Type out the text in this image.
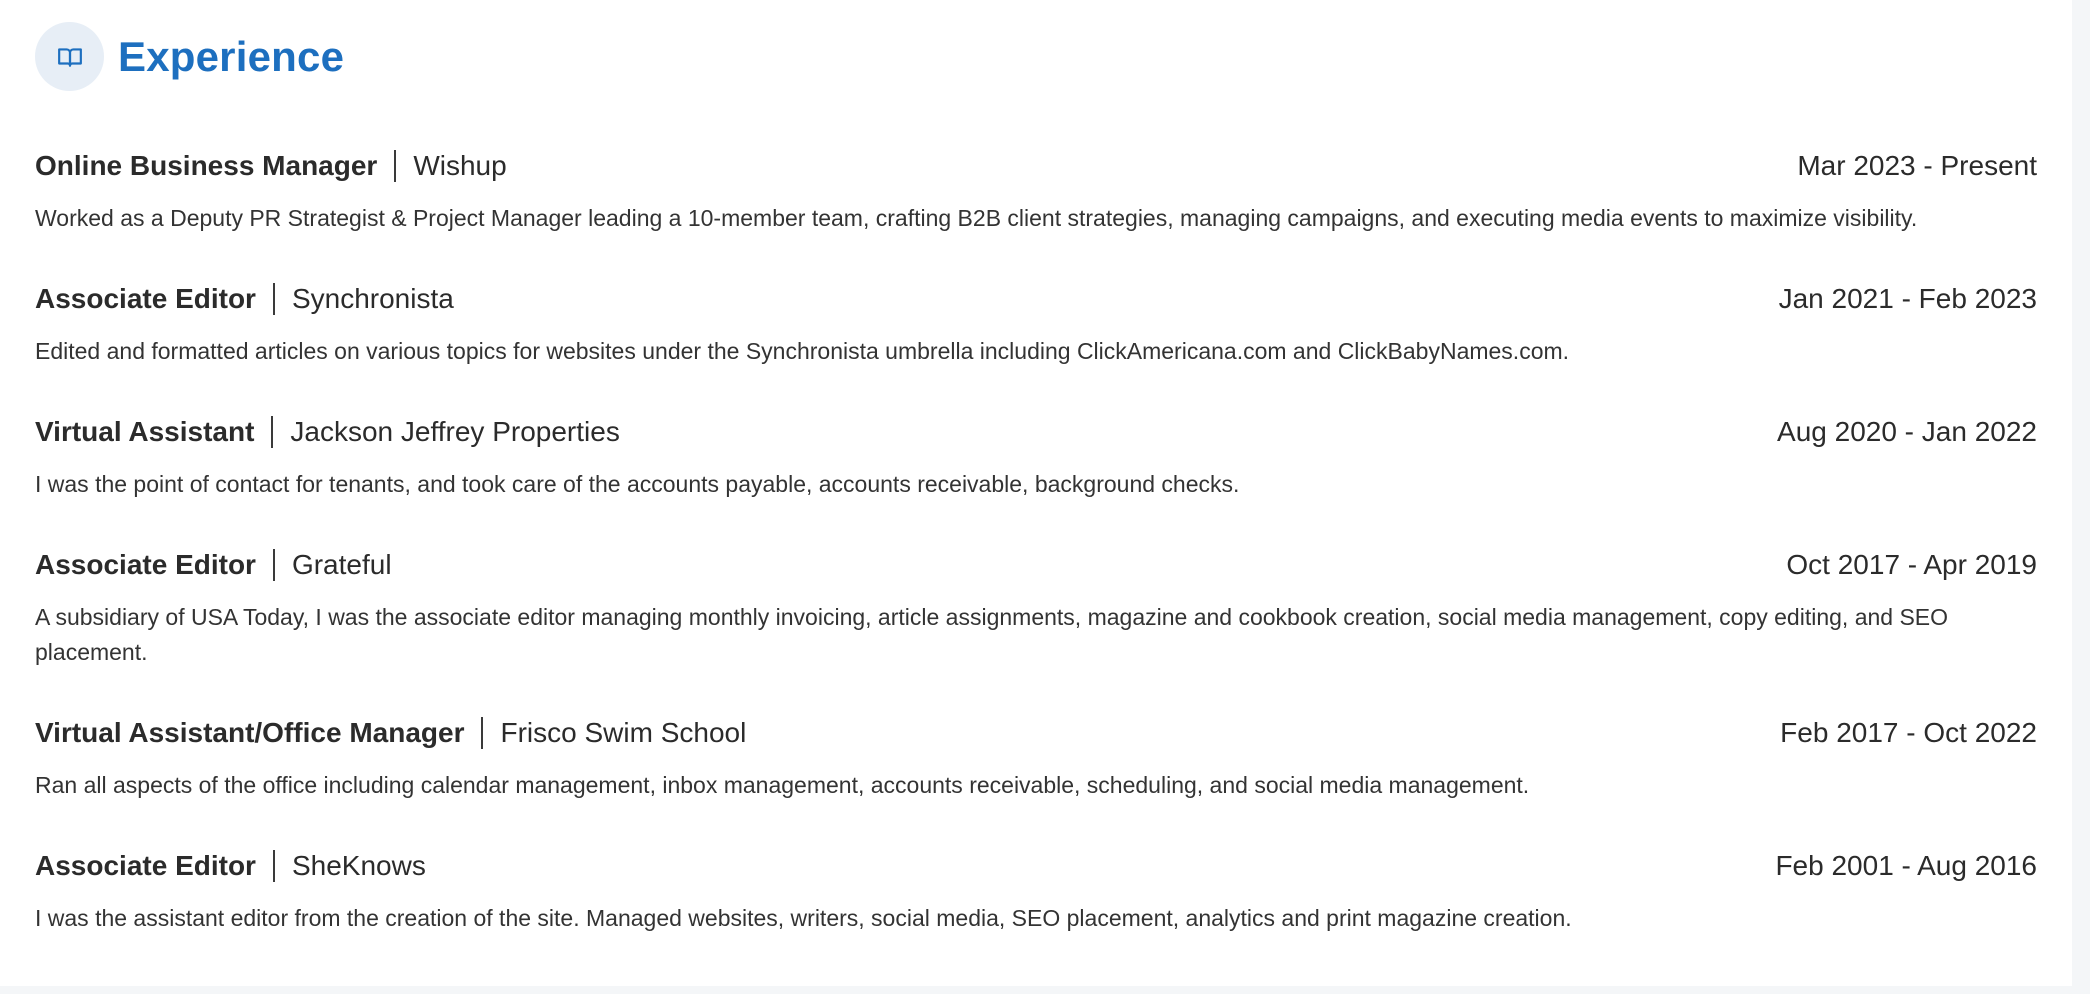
Experience
Online Business Manager Wishup	Mar 2023 - Present
Worked as a Deputy PR Strategist & Project Manager leading a 10-member team, crafting B2B client strategies, managing campaigns, and executing media events to maximize visibility.
Associate Editor Synchronista	Jan 2021 - Feb 2023
Edited and formatted articles on various topics for websites under the Synchronista umbrella including ClickAmericana.com and ClickBabyNames.com.
Virtual Assistant Jackson Jeffrey Properties	Aug 2020 - Jan 2022
I was the point of contact for tenants, and took care of the accounts payable, accounts receivable, background checks.
Associate Editor Grateful	Oct 2017 - Apr 2019
A subsidiary of USA Today, I was the associate editor managing monthly invoicing, article assignments, magazine and cookbook creation, social media management, copy editing, and SEO placement.
Virtual Assistant/Office Manager Frisco Swim School	Feb 2017 - Oct 2022
Ran all aspects of the office including calendar management, inbox management, accounts receivable, scheduling, and social media management.
Associate Editor SheKnows	Feb 2001 - Aug 2016
I was the assistant editor from the creation of the site. Managed websites, writers, social media, SEO placement, analytics and print magazine creation.
